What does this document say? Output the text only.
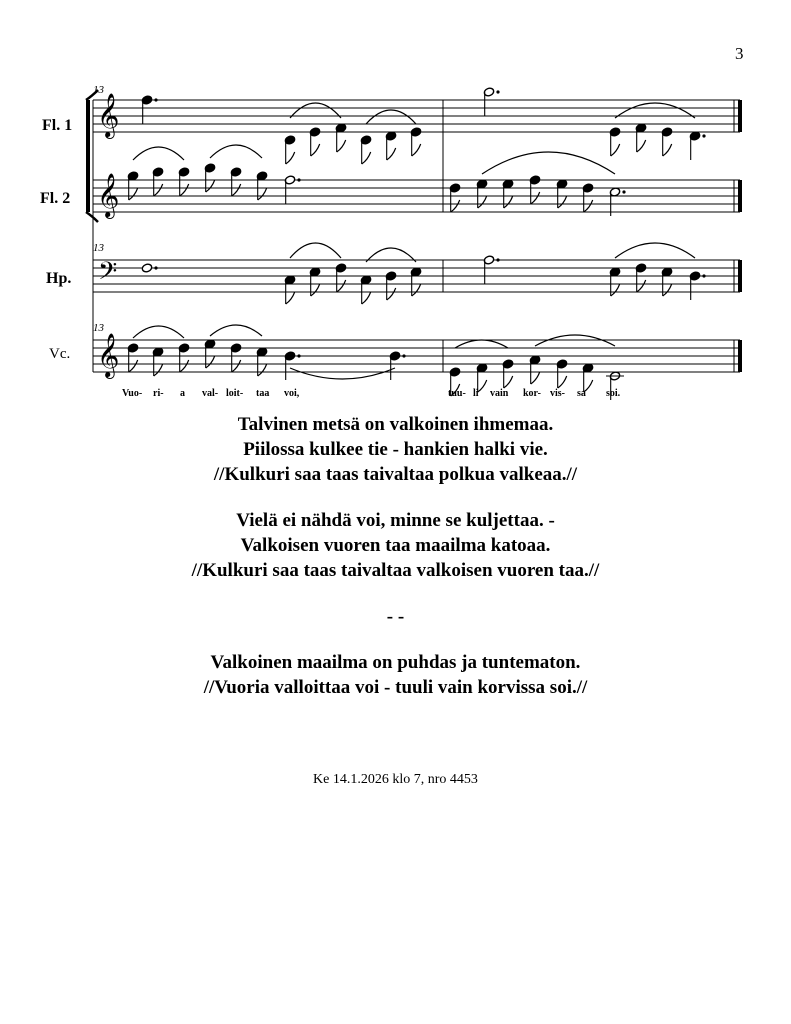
3
Fl. 1
Fl. 2
Hp.
Vc.
13
13
13
𝄞
𝄞
𝄢
𝄞
Vuo- ri- a val- loit- taa voi,	tuu- li vain kor- vis- sa soi.
Talvinen metsä on valkoinen ihmemaa.
Piilossa kulkee tie - hankien halki vie.
//Kulkuri saa taas taivaltaa polkua valkeaa.//
Vielä ei nähdä voi, minne se kuljettaa. -
Valkoisen vuoren taa maailma katoaa.
//Kulkuri saa taas taivaltaa valkoisen vuoren taa.//
- -
Valkoinen maailma on puhdas ja tuntematon.
//Vuoria valloittaa voi - tuuli vain korvissa soi.//
Ke 14.1.2026 klo 7, nro 4453
